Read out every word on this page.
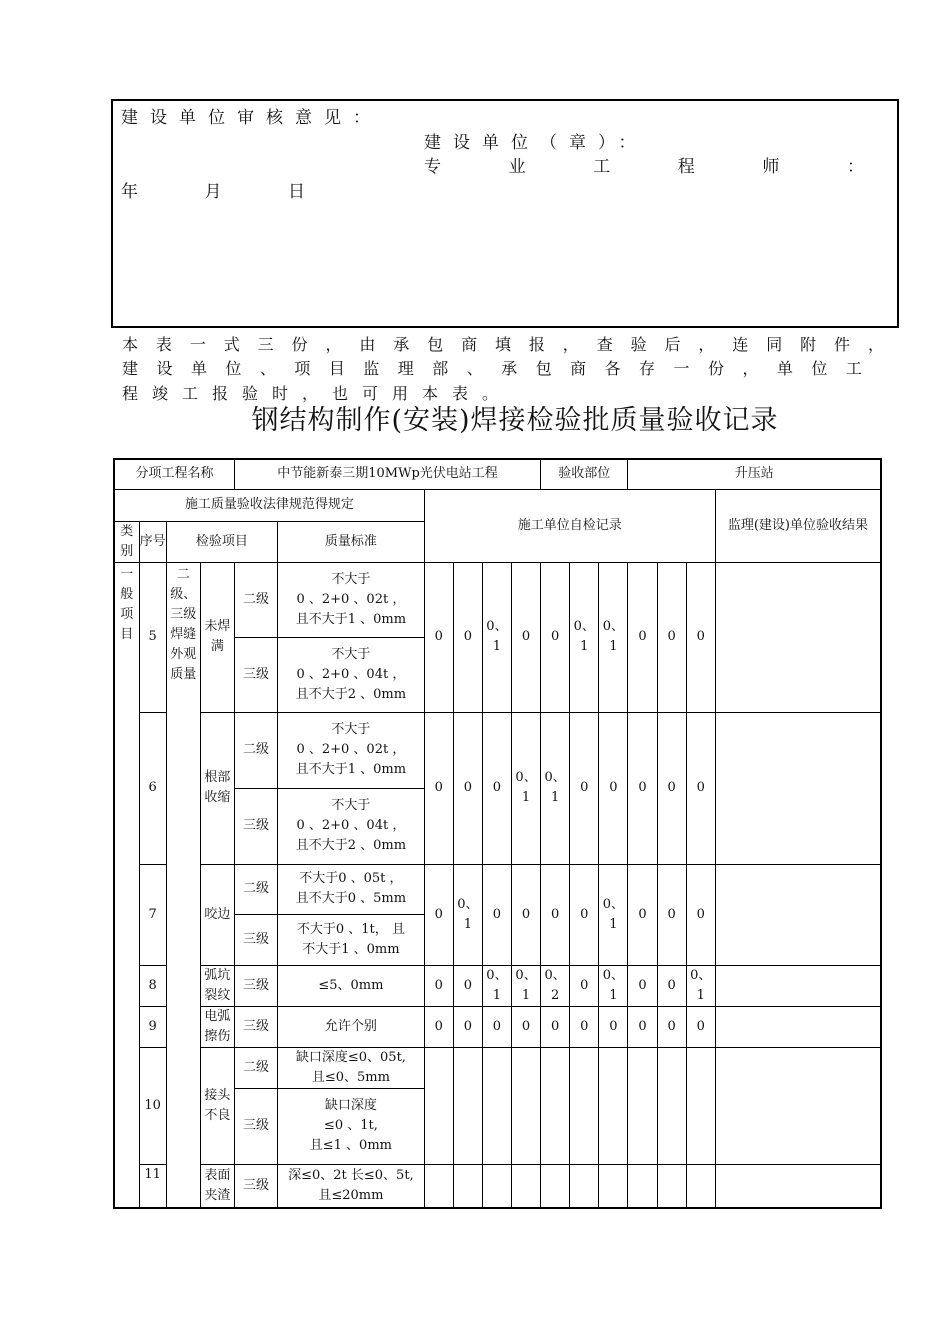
建设单位审核意见：
建设单位（章）：
专	业	工	程	师	：
年	月	日
本 表 一 式 三 份 ， 由 承 包 商 填 报 ， 查 验 后 ， 连 同 附 件 ，
建 设 单 位 、 项 目 监 理 部 、 承 包 商 各 存 一 份 ， 单 位 工
程竣工报验时，也可用本表。
钢结构制作(安装)焊接检验批质量验收记录
分项工程名称				中节能新泰三期10MWp光伏电站工程						验收部位			升压站			
施工质量验收法律规范得规定						施工单位自检记录										监理(建设)单位验收结果
类别	序号	检验项目			质量标准											
一般项目	5	二级、三级焊缝外观质量	未焊满	二级	不大于
0 、2+0 、02t ，
且不大于1 、0mm	0	0	0、1	0	0	0、1	0、1	0	0	0	
				三级	不大于
0 、2+0 、04t ，
且不大于2 、0mm											

	6		根部收缩	二级	不大于
0 、2+0 、02t ，
且不大于1 、0mm	0	0	0	0、1	0、1	0	0	0	0	0	
				三级	不大于
0 、2+0 、04t ，
且不大于2 、0mm											

	7		咬边	二级	不大于0 、05t ，
且不大于0 、5mm	0	0、1	0	0	0	0	0、1	0	0	0	
				三级	不大于0 、1t， 且
不大于1 、0mm											

	8		弧坑裂纹	三级	≤5、0mm	0	0	0、1	0、1	0、2	0	0、1	0	0	0、1	
	9		电弧擦伤	三级	允许个别	0	0	0	0	0	0	0	0	0	0	
	10		接头不良	二级	缺口深度≤0、05t,
且≤0、5mm											

				三级	缺口深度
≤0 、1t,
且≤1 、0mm											

	11		表面夹渣	三级	深≤0、2t 长≤0、5t,
且≤20mm											
